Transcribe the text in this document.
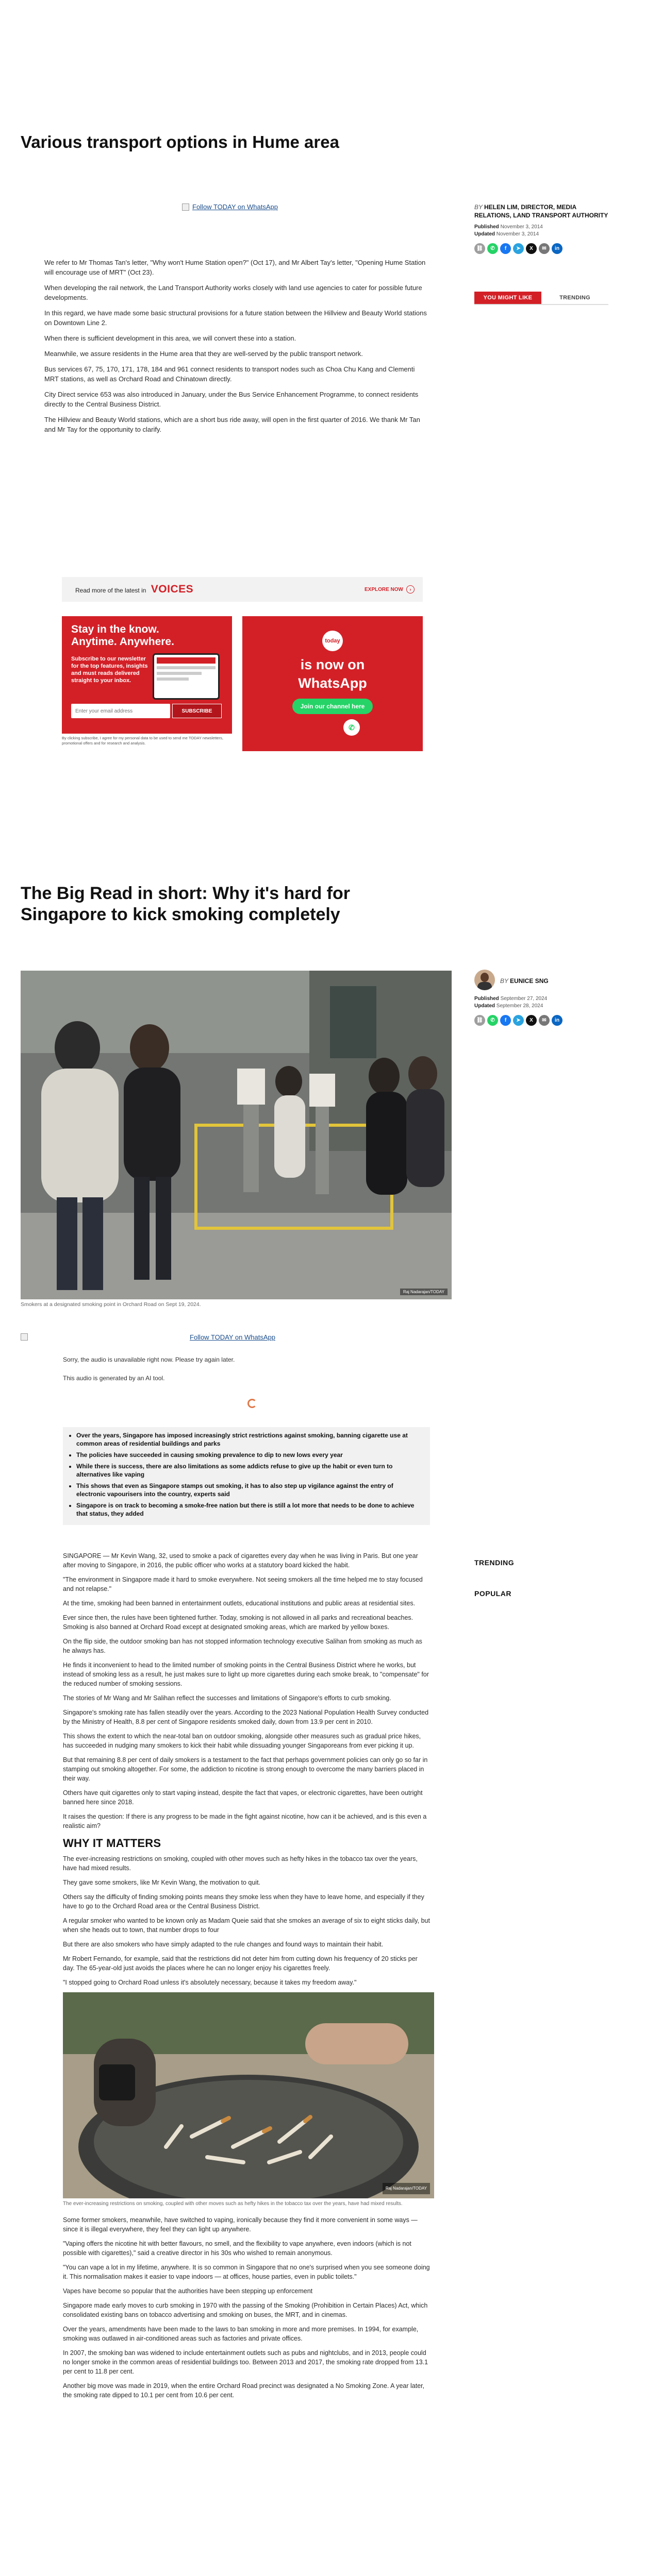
Various transport options in Hume area
Follow TODAY on WhatsApp	BY HELEN LIM, DIRECTOR, MEDIA RELATIONS, LAND TRANSPORT AUTHORITY
Published November 3, 2014
Updated November 3, 2014
⛓	✆	f	➤	X	✉	in
YOU MIGHT LIKE	TRENDING

We refer to Mr Thomas Tan's letter, "Why won't Hume Station open?" (Oct 17), and Mr Albert Tay's letter, "Opening Hume Station will encourage use of MRT" (Oct 23).

When developing the rail network, the Land Transport Authority works closely with land use agencies to cater for possible future developments.

In this regard, we have made some basic structural provisions for a future station between the Hillview and Beauty World stations on Downtown Line 2.

When there is sufficient development in this area, we will convert these into a station.

Meanwhile, we assure residents in the Hume area that they are well-served by the public transport network.

Bus services 67, 75, 170, 171, 178, 184 and 961 connect residents to transport nodes such as Choa Chu Kang and Clementi MRT stations, as well as Orchard Road and Chinatown directly.

City Direct service 653 was also introduced in January, under the Bus Service Enhancement Programme, to connect residents directly to the Central Business District.

The Hillview and Beauty World stations, which are a short bus ride away, will open in the first quarter of 2016. We thank Mr Tan and Mr Tay for the opportunity to clarify.

Read more of the latest in VOICES	EXPLORE NOW	›
Stay in the know. Anytime. Anywhere.
Subscribe to our newsletter for the top features, insights and must reads delivered straight to your inbox.
Enter your email address
SUBSCRIBE
By clicking subscribe, I agree for my personal data to be used to send me TODAY newsletters, promotional offers and for research and analysis.
today
is now on
WhatsApp
Join our channel here
✆
The Big Read in short: Why it's hard for Singapore to kick smoking completely
BY EUNICE SNG
Published September 27, 2024
Updated September 28, 2024
⛓	✆	f	➤	X	✉	in
Raj Nadarajan/TODAY
Smokers at a designated smoking point in Orchard Road on Sept 19, 2024.
Follow TODAY on WhatsApp
Sorry, the audio is unavailable right now. Please try again later.
This audio is generated by an AI tool.
• Over the years, Singapore has imposed increasingly strict restrictions against smoking, banning cigarette use at common areas of residential buildings and parks
• The policies have succeeded in causing smoking prevalence to dip to new lows every year
• While there is success, there are also limitations as some addicts refuse to give up the habit or even turn to alternatives like vaping
• This shows that even as Singapore stamps out smoking, it has to also step up vigilance against the entry of electronic vapourisers into the country, experts said
• Singapore is on track to becoming a smoke-free nation but there is still a lot more that needs to be done to achieve that status, they added
TRENDING
POPULAR

SINGAPORE — Mr Kevin Wang, 32, used to smoke a pack of cigarettes every day when he was living in Paris. But one year after moving to Singapore, in 2016, the public officer who works at a statutory board kicked the habit.

"The environment in Singapore made it hard to smoke everywhere. Not seeing smokers all the time helped me to stay focused and not relapse."

At the time, smoking had been banned in entertainment outlets, educational institutions and public areas at residential sites.

Ever since then, the rules have been tightened further. Today, smoking is not allowed in all parks and recreational beaches. Smoking is also banned at Orchard Road except at designated smoking areas, which are marked by yellow boxes.

On the flip side, the outdoor smoking ban has not stopped information technology executive Salihan from smoking as much as he always has.

He finds it inconvenient to head to the limited number of smoking points in the Central Business District where he works, but instead of smoking less as a result, he just makes sure to light up more cigarettes during each smoke break, to "compensate" for the reduced number of smoking sessions.

The stories of Mr Wang and Mr Salihan reflect the successes and limitations of Singapore's efforts to curb smoking.

Singapore's smoking rate has fallen steadily over the years. According to the 2023 National Population Health Survey conducted by the Ministry of Health, 8.8 per cent of Singapore residents smoked daily, down from 13.9 per cent in 2010.

This shows the extent to which the near-total ban on outdoor smoking, alongside other measures such as gradual price hikes, has succeeded in nudging many smokers to kick their habit while dissuading younger Singaporeans from ever picking it up.

But that remaining 8.8 per cent of daily smokers is a testament to the fact that perhaps government policies can only go so far in stamping out smoking altogether. For some, the addiction to nicotine is strong enough to overcome the many barriers placed in their way.

Others have quit cigarettes only to start vaping instead, despite the fact that vapes, or electronic cigarettes, have been outright banned here since 2018.

It raises the question: If there is any progress to be made in the fight against nicotine, how can it be achieved, and is this even a realistic aim?

WHY IT MATTERS

The ever-increasing restrictions on smoking, coupled with other moves such as hefty hikes in the tobacco tax over the years, have had mixed results.

They gave some smokers, like Mr Kevin Wang, the motivation to quit.

Others say the difficulty of finding smoking points means they smoke less when they have to leave home, and especially if they have to go to the Orchard Road area or the Central Business District.

A regular smoker who wanted to be known only as Madam Queie said that she smokes an average of six to eight sticks daily, but when she heads out to town, that number drops to four

But there are also smokers who have simply adapted to the rule changes and found ways to maintain their habit.

Mr Robert Fernando, for example, said that the restrictions did not deter him from cutting down his frequency of 20 sticks per day. The 65-year-old just avoids the places where he can no longer enjoy his cigarettes freely.

"I stopped going to Orchard Road unless it's absolutely necessary, because it takes my freedom away."

Raj Nadarajan/TODAY
The ever-increasing restrictions on smoking, coupled with other moves such as hefty hikes in the tobacco tax over the years, have had mixed results.

Some former smokers, meanwhile, have switched to vaping, ironically because they find it more convenient in some ways — since it is illegal everywhere, they feel they can light up anywhere.

"Vaping offers the nicotine hit with better flavours, no smell, and the flexibility to vape anywhere, even indoors (which is not possible with cigarettes)," said a creative director in his 30s who wished to remain anonymous.

"You can vape a lot in my lifetime, anywhere. It is so common in Singapore that no one's surprised when you see someone doing it. This normalisation makes it easier to vape indoors — at offices, house parties, even in public toilets."

Vapes have become so popular that the authorities have been stepping up enforcement

Singapore made early moves to curb smoking in 1970 with the passing of the Smoking (Prohibition in Certain Places) Act, which consolidated existing bans on tobacco advertising and smoking on buses, the MRT, and in cinemas.

Over the years, amendments have been made to the laws to ban smoking in more and more premises. In 1994, for example, smoking was outlawed in air-conditioned areas such as factories and private offices.

In 2007, the smoking ban was widened to include entertainment outlets such as pubs and nightclubs, and in 2013, people could no longer smoke in the common areas of residential buildings too. Between 2013 and 2017, the smoking rate dropped from 13.1 per cent to 11.8 per cent.

Another big move was made in 2019, when the entire Orchard Road precinct was designated a No Smoking Zone. A year later, the smoking rate dipped to 10.1 per cent from 10.6 per cent.
